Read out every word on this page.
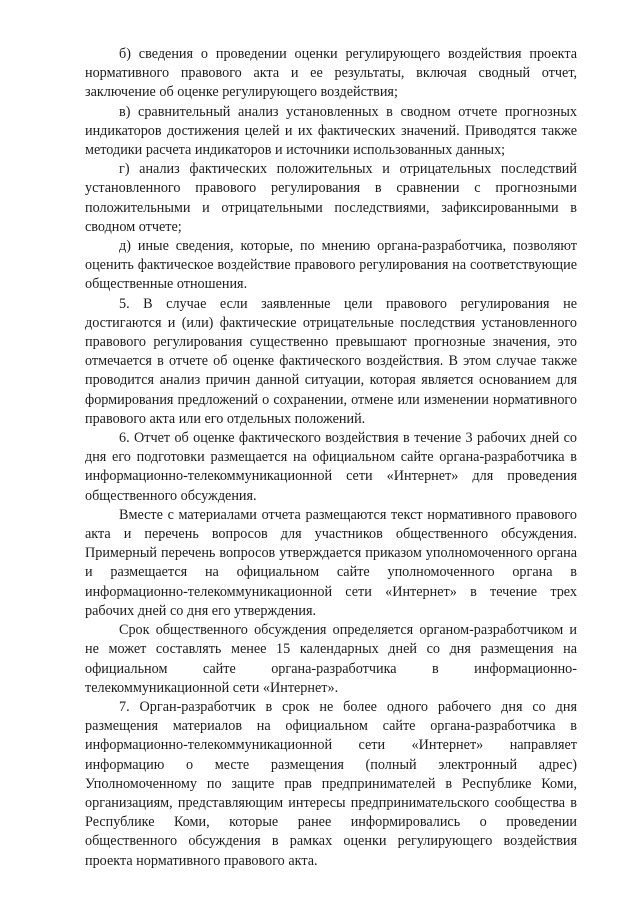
б) сведения о проведении оценки регулирующего воздействия проекта нормативного правового акта и ее результаты, включая сводный отчет, заключение об оценке регулирующего воздействия;

в) сравнительный анализ установленных в сводном отчете прогнозных индикаторов достижения целей и их фактических значений. Приводятся также методики расчета индикаторов и источники использованных данных;

г) анализ фактических положительных и отрицательных последствий установленного правового регулирования в сравнении с прогнозными положительными и отрицательными последствиями, зафиксированными в сводном отчете;

д) иные сведения, которые, по мнению органа-разработчика, позволяют оценить фактическое воздействие правового регулирования на соответствующие общественные отношения.

5. В случае если заявленные цели правового регулирования не достигаются и (или) фактические отрицательные последствия установленного правового регулирования существенно превышают прогнозные значения, это отмечается в отчете об оценке фактического воздействия. В этом случае также проводится анализ причин данной ситуации, которая является основанием для формирования предложений о сохранении, отмене или изменении нормативного правового акта или его отдельных положений.

6. Отчет об оценке фактического воздействия в течение 3 рабочих дней со дня его подготовки размещается на официальном сайте органа-разработчика в информационно-телекоммуникационной сети «Интернет» для проведения общественного обсуждения.

Вместе с материалами отчета размещаются текст нормативного правового акта и перечень вопросов для участников общественного обсуждения. Примерный перечень вопросов утверждается приказом уполномоченного органа и размещается на официальном сайте уполномоченного органа в информационно-телекоммуникационной сети «Интернет» в течение трех рабочих дней со дня его утверждения.

Срок общественного обсуждения определяется органом-разработчиком и не может составлять менее 15 календарных дней со дня размещения на официальном сайте органа-разработчика в информационно-телекоммуникационной сети «Интернет».

7. Орган-разработчик в срок не более одного рабочего дня со дня размещения материалов на официальном сайте органа-разработчика в информационно-телекоммуникационной сети «Интернет» направляет информацию о месте размещения (полный электронный адрес) Уполномоченному по защите прав предпринимателей в Республике Коми, организациям, представляющим интересы предпринимательского сообщества в Республике Коми, которые ранее информировались о проведении общественного обсуждения в рамках оценки регулирующего воздействия проекта нормативного правового акта.
